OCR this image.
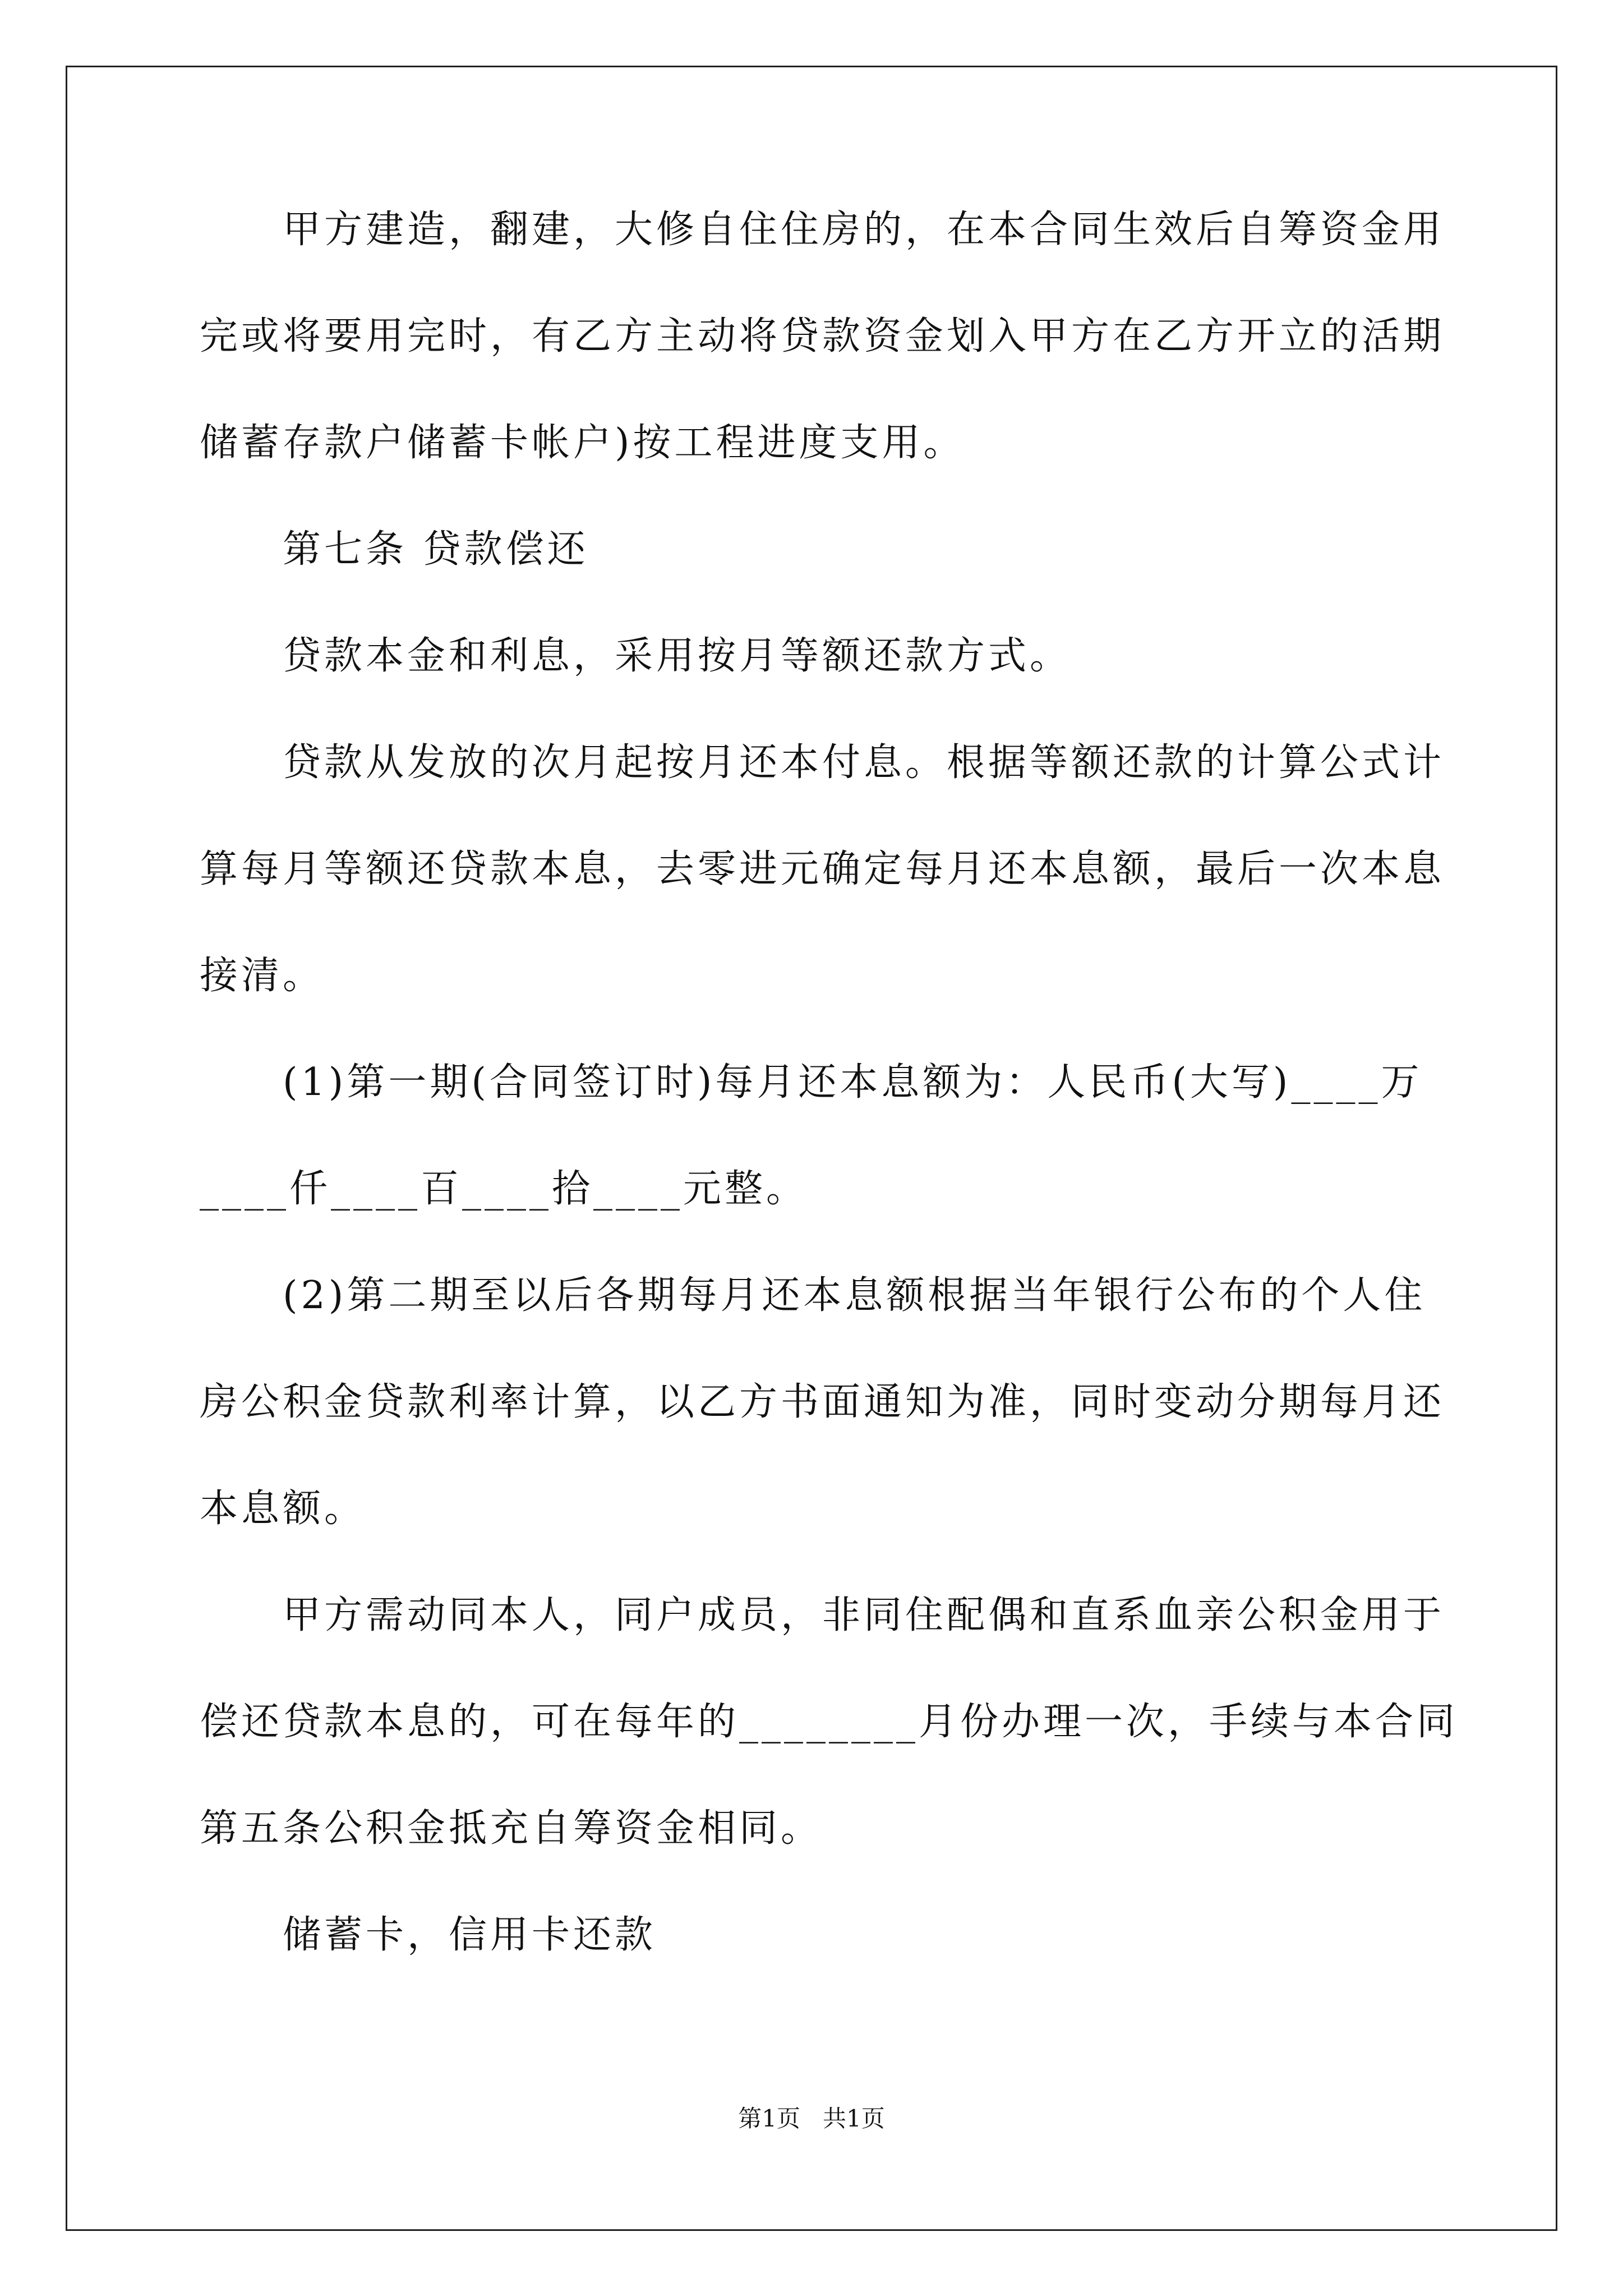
甲方建造，翻建，大修自住住房的，在本合同生效后自筹资金用
完或将要用完时，有乙方主动将贷款资金划入甲方在乙方开立的活期
储蓄存款户储蓄卡帐户)按工程进度支用。
第七条 贷款偿还
贷款本金和利息，采用按月等额还款方式。
贷款从发放的次月起按月还本付息。根据等额还款的计算公式计
算每月等额还贷款本息，去零进元确定每月还本息额，最后一次本息
接清。
(1)第一期(合同签订时)每月还本息额为：人民币(大写)____万
____仟____百____拾____元整。
(2)第二期至以后各期每月还本息额根据当年银行公布的个人住
房公积金贷款利率计算，以乙方书面通知为准，同时变动分期每月还
本息额。
甲方需动同本人，同户成员，非同住配偶和直系血亲公积金用于
偿还贷款本息的，可在每年的________月份办理一次，手续与本合同
第五条公积金抵充自筹资金相同。
储蓄卡，信用卡还款
第1页   共1页
